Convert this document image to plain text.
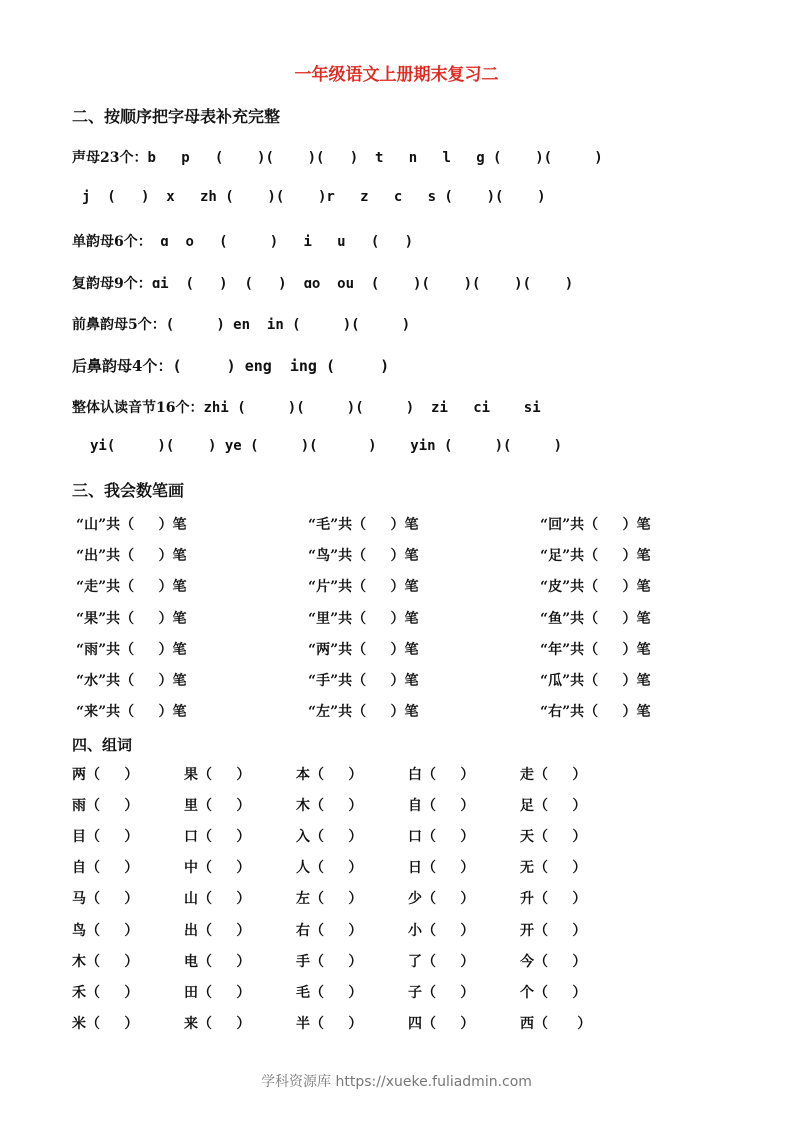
一年级语文上册期末复习二
二、按顺序把字母表补充完整
声母23个：b   p   (    )(    )(   )  t   n   l   g (    )(     )
j  (   )  x   zh (    )(    )r   z   c   s (    )(    )
单韵母6个： ɑ  o   (     )   i   u   (   )
复韵母9个：ɑi  (   )  (   )  ɑo  ou  (    )(    )(    )(    )
前鼻韵母5个：(     ) en  in (     )(     )
后鼻韵母4个：(     ) eng  ing (     )
整体认读音节16个：zhi (     )(     )(     )  zi   ci    si
yi(     )(    ) ye (     )(      )    yin (     )(     )
三、我会数笔画
“山”共（ ）笔	“毛”共（ ）笔	“回”共（ ）笔
“出”共（ ）笔	“鸟”共（ ）笔	“足”共（ ）笔
“走”共（ ）笔	“片”共（ ）笔	“皮”共（ ）笔
“果”共（ ）笔	“里”共（ ）笔	“鱼”共（ ）笔
“雨”共（ ）笔	“两”共（ ）笔	“年”共（ ）笔
“水”共（ ）笔	“手”共（ ）笔	“瓜”共（ ）笔
“来”共（ ）笔	“左”共（ ）笔	“右”共（ ）笔
四、组词
两（     ）	果（     ）	本（     ）	白（     ）	走（     ）
雨（     ）	里（     ）	木（     ）	自（     ）	足（     ）
目（     ）	口（     ）	入（     ）	口（     ）	天（     ）
自（     ）	中（     ）	人（     ）	日（     ）	无（     ）
马（     ）	山（     ）	左（     ）	少（     ）	升（     ）
鸟（     ）	出（     ）	右（     ）	小（     ）	开（     ）
木（     ）	电（     ）	手（     ）	了（     ）	今（     ）
禾（     ）	田（     ）	毛（     ）	子（     ）	个（     ）
米（     ）	来（     ）	半（     ）	四（     ）	西（      ）
学科资源库 https://xueke.fuliadmin.com
